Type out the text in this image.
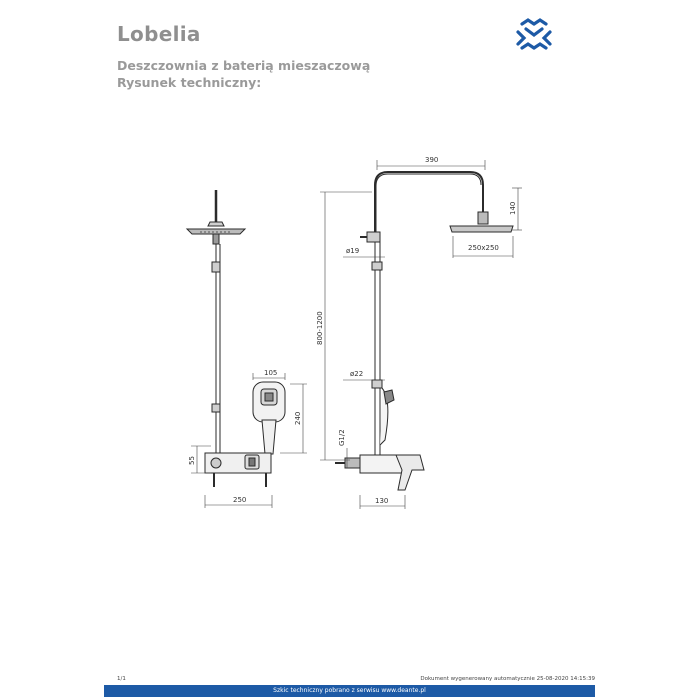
Lobelia
Deszczownia z baterią mieszaczową
Rysunek techniczny:
390
140
250x250
ø19
800-1200
ø22
105
240
55
250
G1/2
130
1/1	Dokument wygenerowany automatycznie 25-08-2020 14:15:39
Szkic techniczny pobrano z serwisu www.deante.pl
